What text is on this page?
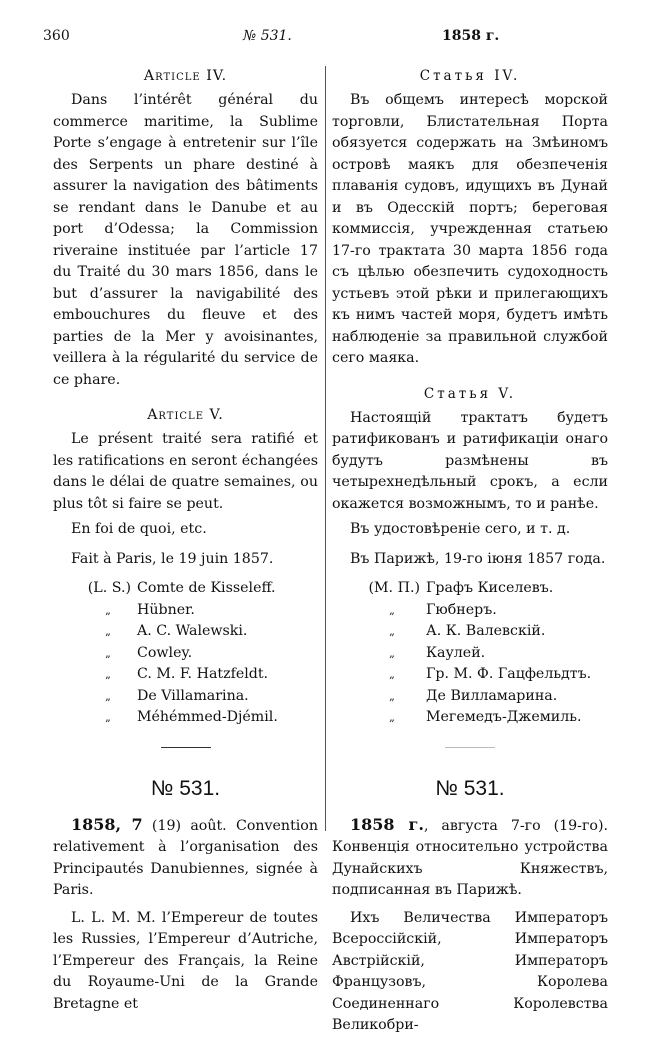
360	№ 531.	1858 г.
Article IV.

Dans l’intérêt général du commerce maritime, la Sublime Porte s’engage à entretenir sur l’île des Serpents un phare destiné à assurer la navigation des bâtiments se rendant dans le Danube et au port d’Odessa; la Commission riveraine instituée par l’article 17 du Traité du 30 mars 1856, dans le but d’assurer la navigabilité des embouchures du fleuve et des parties de la Mer y avoisinantes, veillera à la régularité du service de ce phare.

Article V.

Le présent traité sera ratifié et les ratifications en seront échangées dans le délai de quatre semaines, ou plus tôt si faire se peut.

En foi de quoi, etc.

Fait à Paris, le 19 juin 1857.

(L. S.) Comte de Kisseleff.
„	Hübner.
„	A. C. Walewski.
„	Cowley.
„	C. M. F. Hatzfeldt.
„	De Villamarina.
„	Méhémmed-Djémil.
№ 531.

1858, 7 (19) août. Convention relativement à l’organisation des Principautés Danubiennes, signée à Paris.

L. L. M. M. l’Empereur de toutes les Russies, l’Empereur d’Autriche, l’Empereur des Français, la Reine du Royaume-Uni de la Grande Bretagne et

Статья IV.

Въ общемъ интересѣ морской торговли, Блистательная Порта обязуется содержать на Змѣиномъ островѣ маякъ для обезпеченія плаванія судовъ, идущихъ въ Дунай и въ Одесскій портъ; береговая коммиссія, учрежденная статьею 17-го трактата 30 марта 1856 года съ цѣлью обезпечить судоходность устьевъ этой рѣки и прилегающихъ къ нимъ частей моря, будетъ имѣть наблюденіе за правильной службой сего маяка.

Статья V.

Настоящій трактатъ будетъ ратификованъ и ратификаціи онаго будутъ размѣнены въ четырехнедѣльный срокъ, а если окажется возможнымъ, то и ранѣе.

Въ удостовѣреніе сего, и т. д.

Въ Парижѣ, 19-го іюня 1857 года.

(М. П.) Графъ Киселевъ.
„	Гюбнеръ.
„	А. К. Валевскій.
„	Каулей.
„	Гр. М. Ф. Гацфельдтъ.
„	Де Вилламарина.
„	Мегемедъ-Джемиль.
№ 531.

1858 г., августа 7-го (19-го). Конвенція относительно устройства Дунайскихъ Княжествъ, подписанная въ Парижѣ.

Ихъ Величества Императоръ Всероссійскій, Императоръ Австрійскій, Императоръ Французовъ, Королева Соединеннаго Королевства Великобри-
